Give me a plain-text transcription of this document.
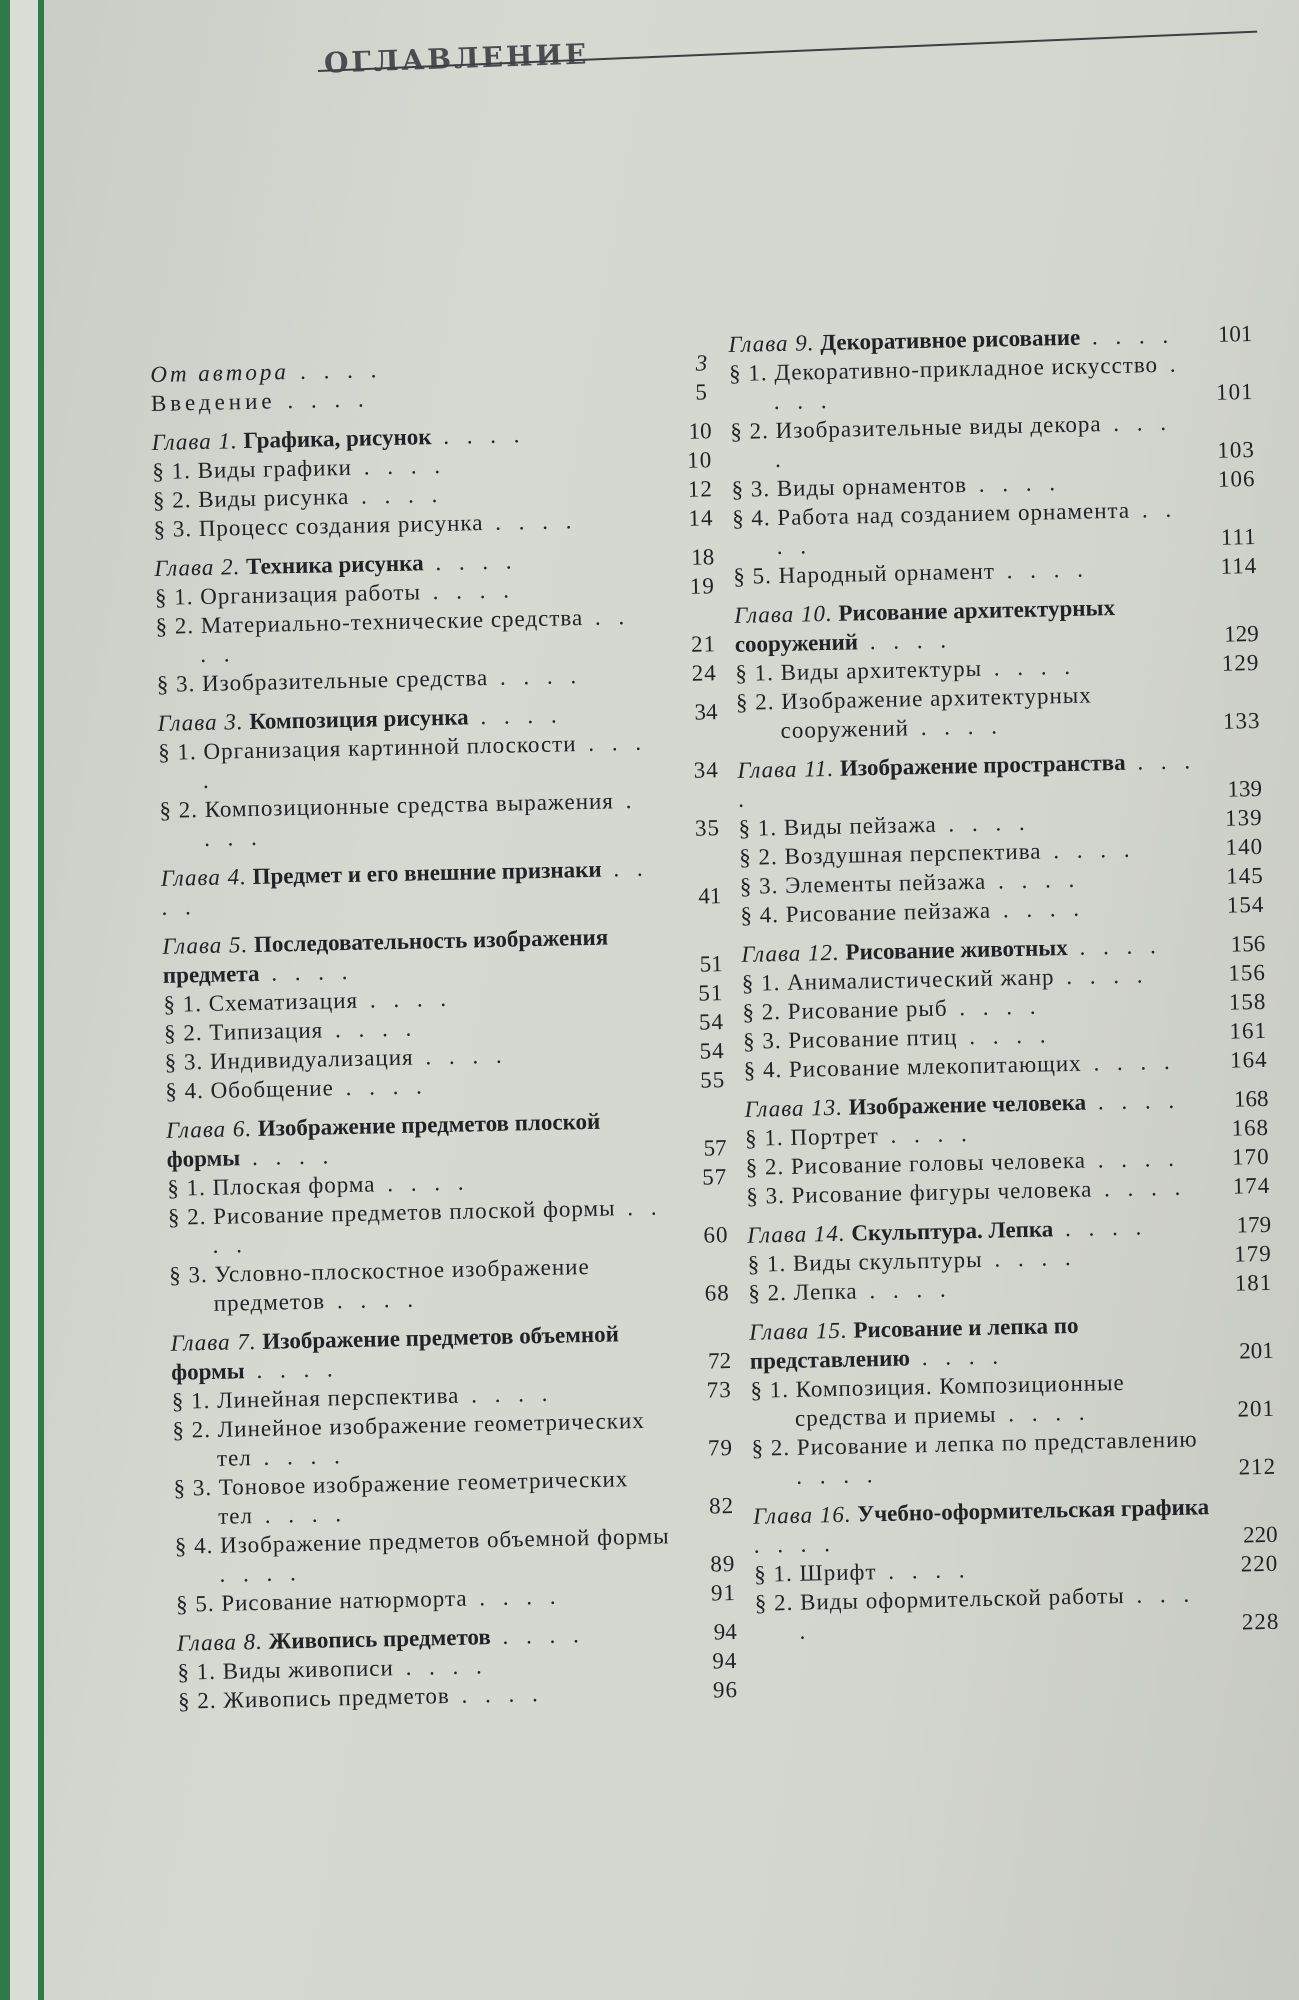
ОГЛАВЛЕНИЕ
От автора . . . .	3
Введение . . . .	5
Глава 1. Графика, рисунок . . . .	10
§ 1. Виды графики . . . .	10
§ 2. Виды рисунка . . . .	12
§ 3. Процесс создания рисунка . . . .	14
Глава 2. Техника рисунка . . . .	18
§ 1. Организация работы . . . .	19
§ 2. Материально-технические средства . . . .	21
§ 3. Изобразительные средства . . . .	24
Глава 3. Композиция рисунка . . . .	34
§ 1. Организация картинной плоскости . . . .	34
§ 2. Композиционные средства выражения . . . .	35
Глава 4. Предмет и его внешние признаки . . . .	41
Глава 5. Последовательность изображения предмета . . . .	51
§ 1. Схематизация . . . .	51
§ 2. Типизация . . . .	54
§ 3. Индивидуализация . . . .	54
§ 4. Обобщение . . . .	55
Глава 6. Изображение предметов плоской формы . . . .	57
§ 1. Плоская форма . . . .	57
§ 2. Рисование предметов плоской формы . . . .	60
§ 3. Условно-плоскостное изображение предметов . . . .	68
Глава 7. Изображение предметов объемной формы . . . .	72
§ 1. Линейная перспектива . . . .	73
§ 2. Линейное изображение геометрических тел . . . .	79
§ 3. Тоновое изображение геометрических тел . . . .	82
§ 4. Изображение предметов объемной формы . . . .	89
§ 5. Рисование натюрморта . . . .	91
Глава 8. Живопись предметов . . . .	94
§ 1. Виды живописи . . . .	94
§ 2. Живопись предметов . . . .	96
Глава 9. Декоративное рисование . . . .	101
§ 1. Декоративно-прикладное искусство . . . .	101
§ 2. Изобразительные виды декора . . . .	103
§ 3. Виды орнаментов . . . .	106
§ 4. Работа над созданием орнамента . . . .	111
§ 5. Народный орнамент . . . .	114
Глава 10. Рисование архитектурных сооружений . . . .	129
§ 1. Виды архитектуры . . . .	129
§ 2. Изображение архитектурных сооружений . . . .	133
Глава 11. Изображение пространства . . . .	139
§ 1. Виды пейзажа . . . .	139
§ 2. Воздушная перспектива . . . .	140
§ 3. Элементы пейзажа . . . .	145
§ 4. Рисование пейзажа . . . .	154
Глава 12. Рисование животных . . . .	156
§ 1. Анималистический жанр . . . .	156
§ 2. Рисование рыб . . . .	158
§ 3. Рисование птиц . . . .	161
§ 4. Рисование млекопитающих . . . .	164
Глава 13. Изображение человека . . . .	168
§ 1. Портрет . . . .	168
§ 2. Рисование головы человека . . . .	170
§ 3. Рисование фигуры человека . . . .	174
Глава 14. Скульптура. Лепка . . . .	179
§ 1. Виды скульптуры . . . .	179
§ 2. Лепка . . . .	181
Глава 15. Рисование и лепка по представлению . . . .	201
§ 1. Композиция. Композиционные средства и приемы . . . .	201
§ 2. Рисование и лепка по представлению . . . .	212
Глава 16. Учебно-оформительская графика . . . .	220
§ 1. Шрифт . . . .	220
§ 2. Виды оформительской работы . . . .	228
